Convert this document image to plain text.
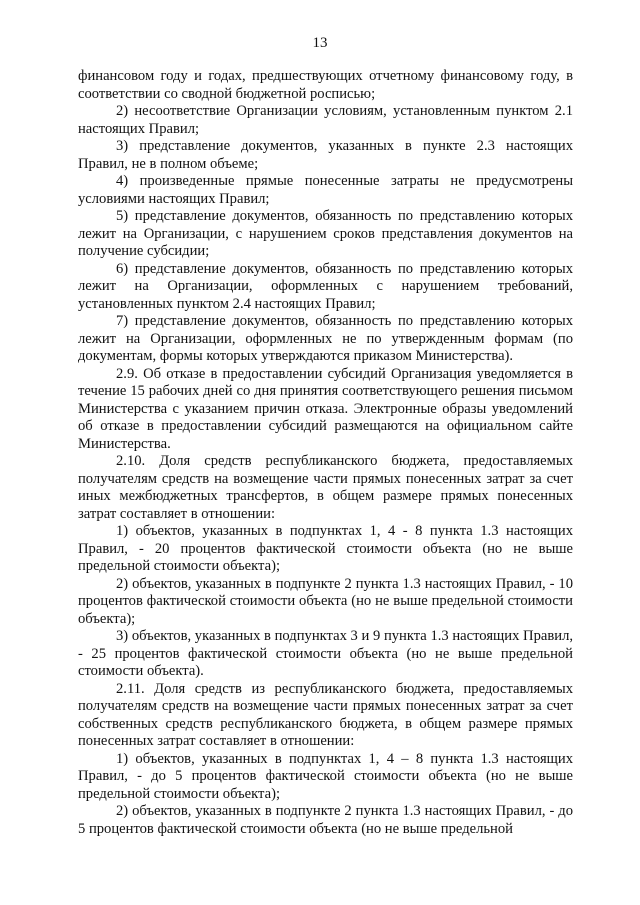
13

финансовом году и годах, предшествующих отчетному финансовому году, в соответствии со сводной бюджетной росписью;

2) несоответствие Организации условиям, установленным пунктом 2.1 настоящих Правил;

3) представление документов, указанных в пункте 2.3 настоящих Правил, не в полном объеме;

4) произведенные прямые понесенные затраты не предусмотрены условиями настоящих Правил;

5) представление документов, обязанность по представлению которых лежит на Организации, с нарушением сроков представления документов на получение субсидии;

6) представление документов, обязанность по представлению которых лежит на Организации, оформленных с нарушением требований, установленных пунктом 2.4 настоящих Правил;

7) представление документов, обязанность по представлению которых лежит на Организации, оформленных не по утвержденным формам (по документам, формы которых утверждаются приказом Министерства).

2.9. Об отказе в предоставлении субсидий Организация уведомляется в течение 15 рабочих дней со дня принятия соответствующего решения письмом Министерства с указанием причин отказа. Электронные образы уведомлений об отказе в предоставлении субсидий размещаются на официальном сайте Министерства.

2.10. Доля средств республиканского бюджета, предоставляемых получателям средств на возмещение части прямых понесенных затрат за счет иных межбюджетных трансфертов, в общем размере прямых понесенных затрат составляет в отношении:

1) объектов, указанных в подпунктах 1, 4 - 8 пункта 1.3 настоящих Правил, - 20 процентов фактической стоимости объекта (но не выше предельной стоимости объекта);

2) объектов, указанных в подпункте 2 пункта 1.3 настоящих Правил, - 10 процентов фактической стоимости объекта (но не выше предельной стоимости объекта);

3) объектов, указанных в подпунктах 3 и 9 пункта 1.3 настоящих Правил, - 25 процентов фактической стоимости объекта (но не выше предельной стоимости объекта).

2.11. Доля средств из республиканского бюджета, предоставляемых получателям средств на возмещение части прямых понесенных затрат за счет собственных средств республиканского бюджета, в общем размере прямых понесенных затрат составляет в отношении:

1) объектов, указанных в подпунктах 1, 4 – 8 пункта 1.3 настоящих Правил, - до 5 процентов фактической стоимости объекта (но не выше предельной стоимости объекта);

2) объектов, указанных в подпункте 2 пункта 1.3 настоящих Правил, - до 5 процентов фактической стоимости объекта (но не выше предельной
